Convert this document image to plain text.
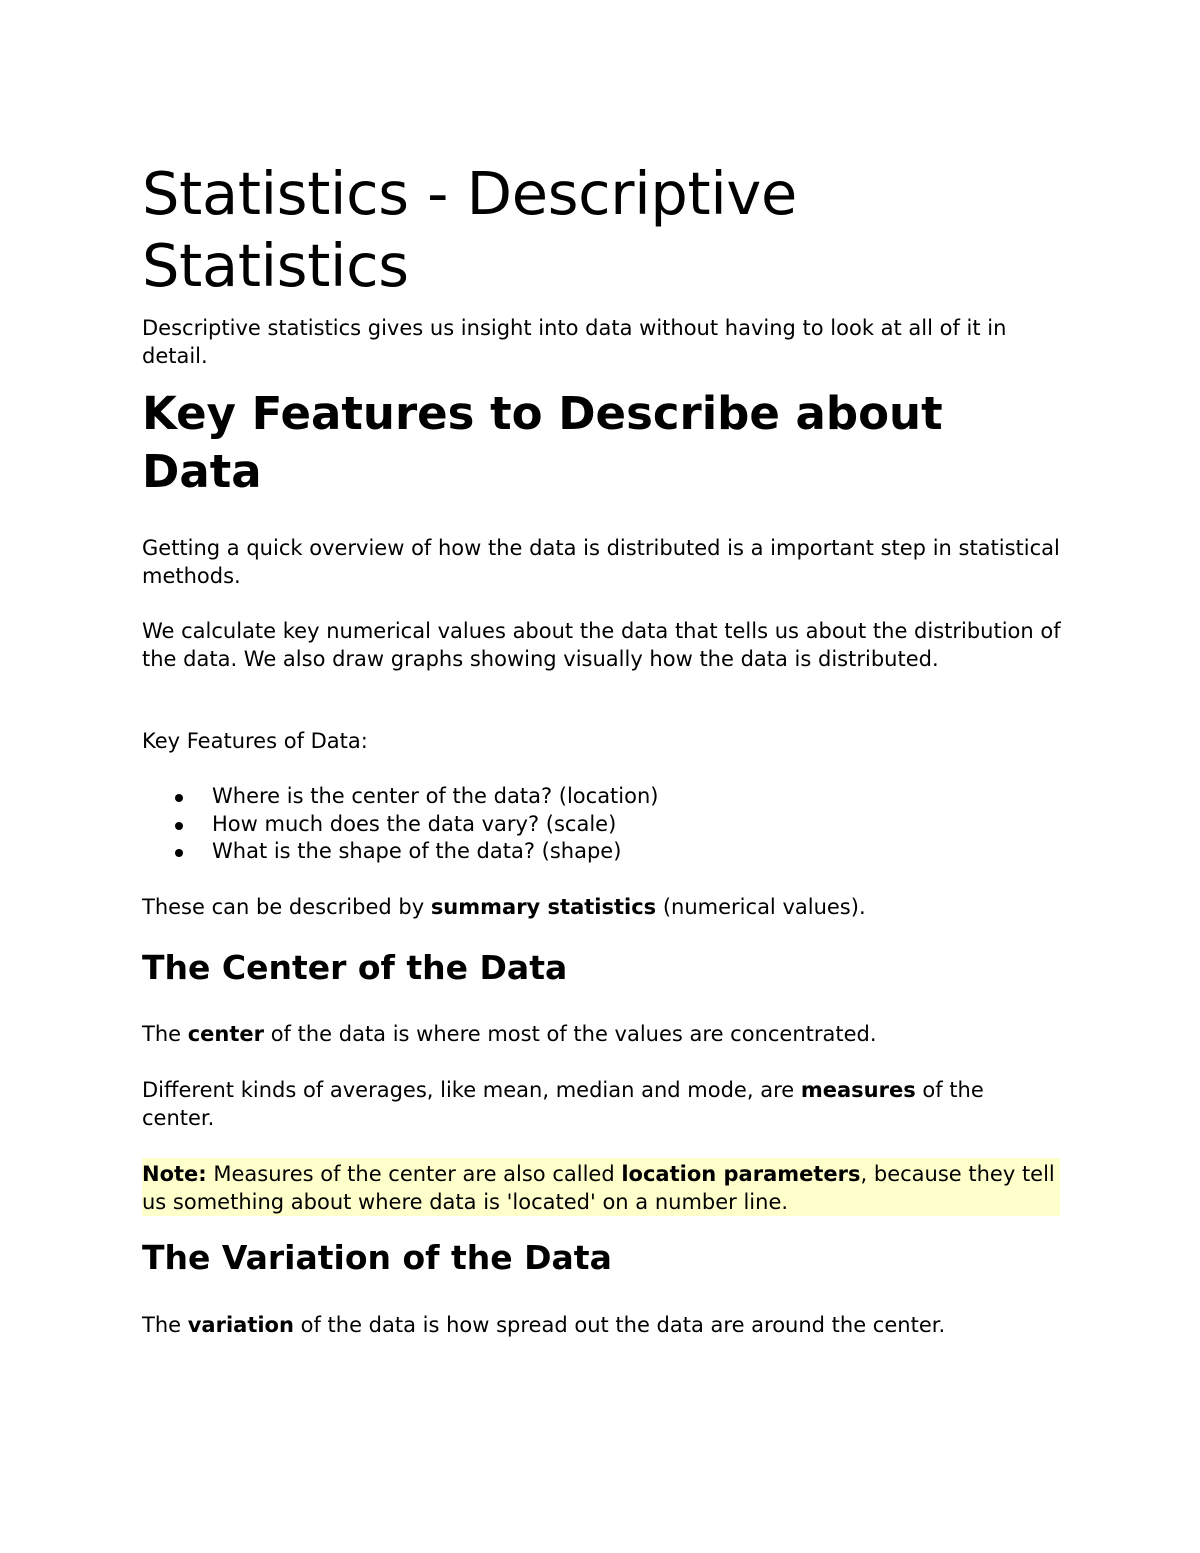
Statistics - Descriptive Statistics

Descriptive statistics gives us insight into data without having to look at all of it in detail.

Key Features to Describe about Data

Getting a quick overview of how the data is distributed is a important step in statistical methods.

We calculate key numerical values about the data that tells us about the distribution of the data. We also draw graphs showing visually how the data is distributed.

Key Features of Data:

Where is the center of the data? (location)
How much does the data vary? (scale)
What is the shape of the data? (shape)

These can be described by summary statistics (numerical values).

The Center of the Data

The center of the data is where most of the values are concentrated.

Different kinds of averages, like mean, median and mode, are measures of the center.

Note: Measures of the center are also called location parameters, because they tell us something about where data is 'located' on a number line.

The Variation of the Data

The variation of the data is how spread out the data are around the center.
